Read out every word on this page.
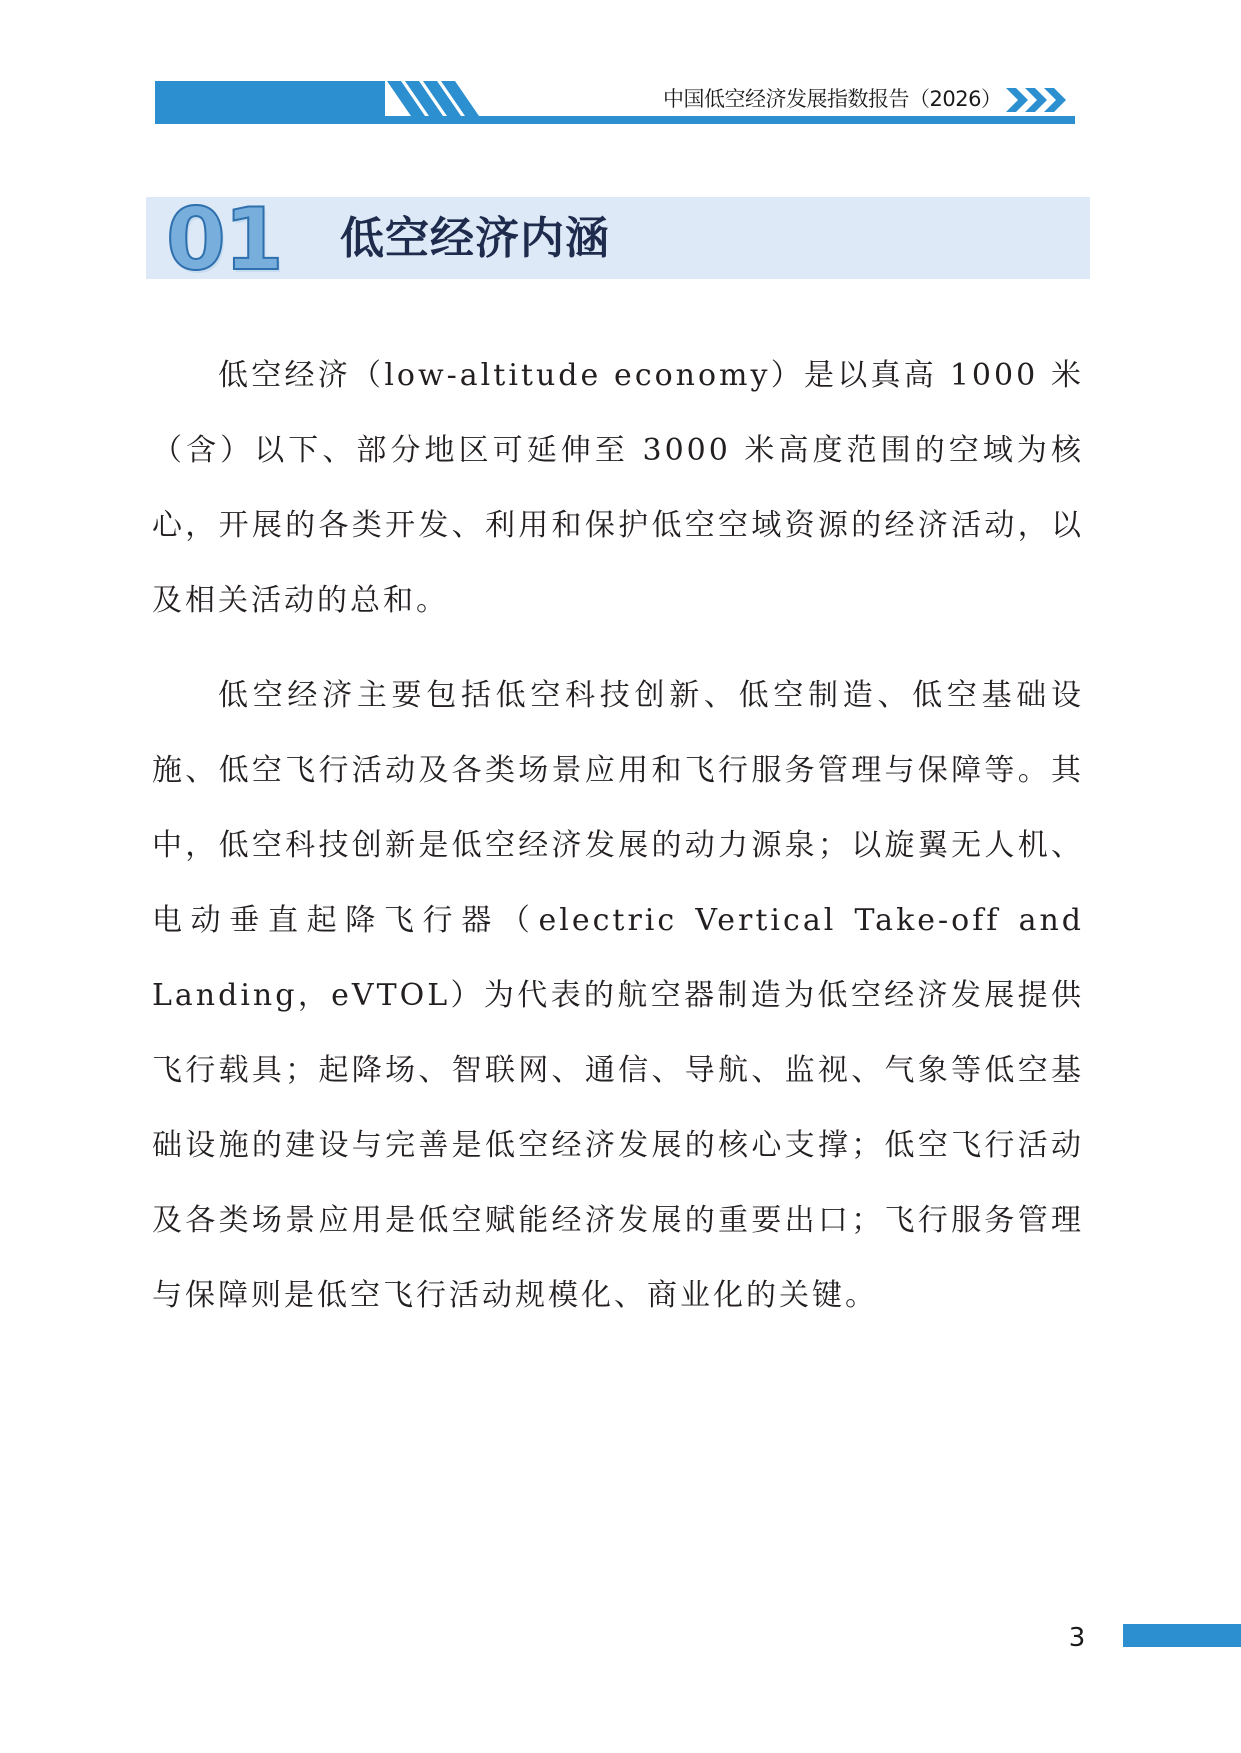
中国低空经济发展指数报告（2026）
01	低空经济内涵

低空经济（low-altitude economy）是以真高 1000 米（含）以下、部分地区可延伸至 3000 米高度范围的空域为核心，开展的各类开发、利用和保护低空空域资源的经济活动，以及相关活动的总和。

低空经济主要包括低空科技创新、低空制造、低空基础设施、低空飞行活动及各类场景应用和飞行服务管理与保障等。其中，低空科技创新是低空经济发展的动力源泉；以旋翼无人机、电动垂直起降飞行器（electric Vertical Take-off and Landing，eVTOL）为代表的航空器制造为低空经济发展提供飞行载具；起降场、智联网、通信、导航、监视、气象等低空基础设施的建设与完善是低空经济发展的核心支撑；低空飞行活动及各类场景应用是低空赋能经济发展的重要出口；飞行服务管理与保障则是低空飞行活动规模化、商业化的关键。

3
